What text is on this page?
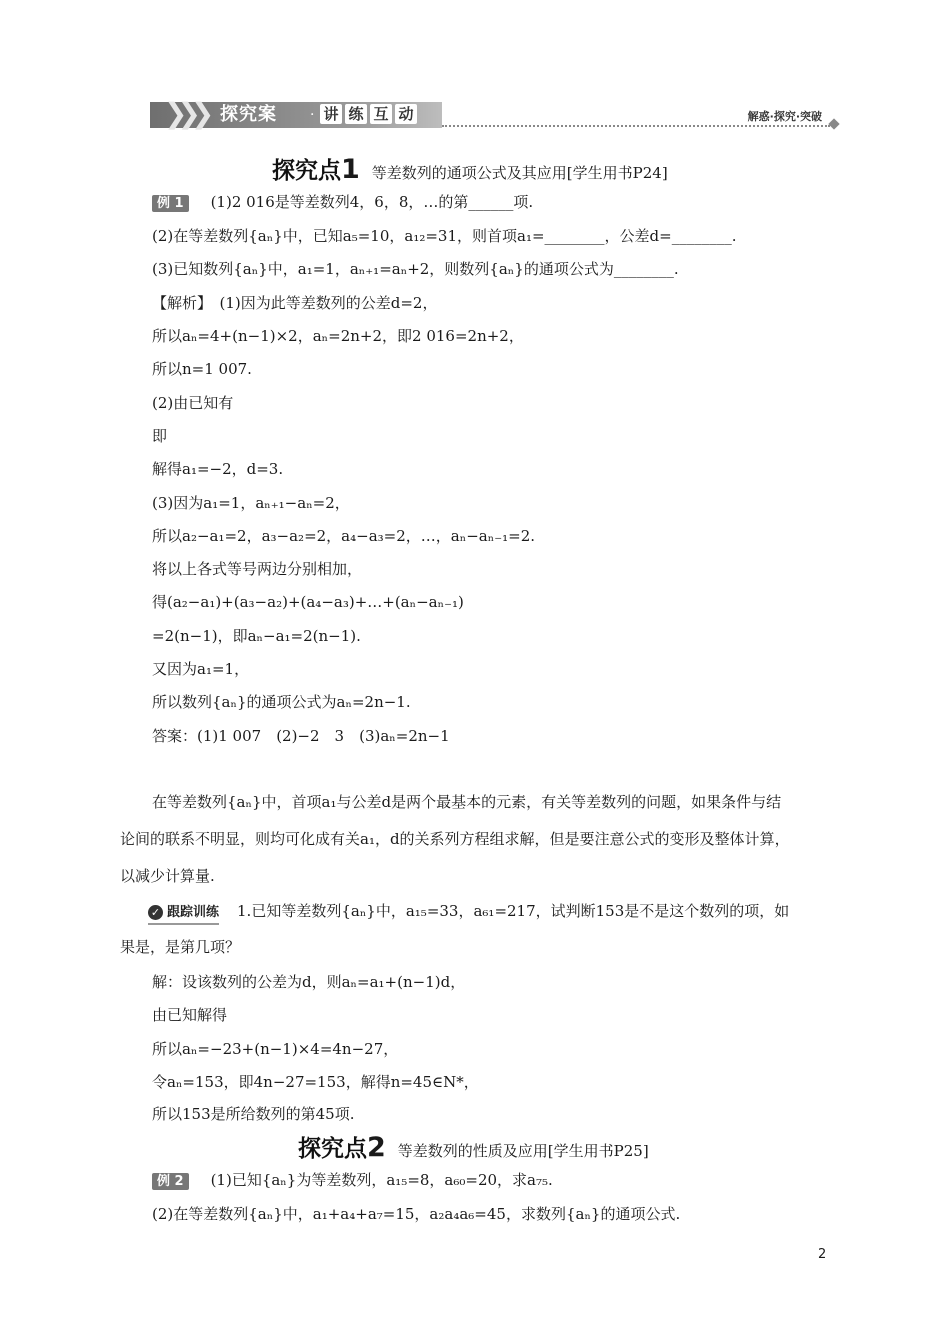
❯❯❯ 探究案 · 讲 练 互 动	解惑·探究·突破
探究点1 等差数列的通项公式及其应用[学生用书P24]
例 1 (1)2 016是等差数列4，6，8，…的第______项.
(2)在等差数列{aₙ}中，已知a₅=10，a₁₂=31，则首项a₁=________，公差d=________.
(3)已知数列{aₙ}中，a₁=1，aₙ₊₁=aₙ+2，则数列{aₙ}的通项公式为________.
【解析】　(1)因为此等差数列的公差d=2，
所以aₙ=4+(n−1)×2，aₙ=2n+2，即2 016=2n+2，
所以n=1 007.
(2)由已知有
即
解得a₁=−2，d=3.
(3)因为a₁=1，aₙ₊₁−aₙ=2，
所以a₂−a₁=2，a₃−a₂=2，a₄−a₃=2，…，aₙ−aₙ₋₁=2.
将以上各式等号两边分别相加，
得(a₂−a₁)+(a₃−a₂)+(a₄−a₃)+…+(aₙ−aₙ₋₁)
=2(n−1)，即aₙ−a₁=2(n−1).
又因为a₁=1，
所以数列{aₙ}的通项公式为aₙ=2n−1.
答案：(1)1 007　(2)−2　3　(3)aₙ=2n−1
在等差数列{aₙ}中，首项a₁与公差d是两个最基本的元素，有关等差数列的问题，如果条件与结
论间的联系不明显，则均可化成有关a₁，d的关系列方程组求解，但是要注意公式的变形及整体计算，
以减少计算量.
✓ 跟踪训练 1.已知等差数列{aₙ}中，a₁₅=33，a₆₁=217，试判断153是不是这个数列的项，如
果是，是第几项？
解：设该数列的公差为d，则aₙ=a₁+(n−1)d，
由已知解得
所以aₙ=−23+(n−1)×4=4n−27，
令aₙ=153，即4n−27=153，解得n=45∈N*，
所以153是所给数列的第45项.
探究点2 等差数列的性质及应用[学生用书P25]
例 2 (1)已知{aₙ}为等差数列，a₁₅=8，a₆₀=20，求a₇₅.
(2)在等差数列{aₙ}中，a₁+a₄+a₇=15，a₂a₄a₆=45，求数列{aₙ}的通项公式.
2
